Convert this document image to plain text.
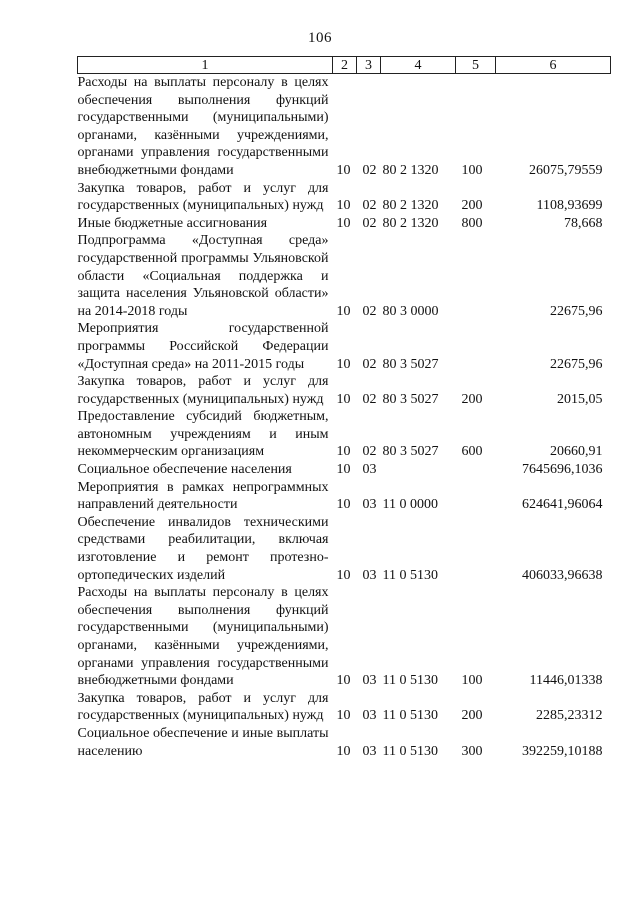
106
1	2	3	4	5	6
Расходы на выплаты персоналу в целях обеспечения выполнения функций государственными (муниципальными) органами, казёнными учреждениями, органами управления государственными внебюджетными фондами	10	02	80 2 1320	100	26075,79559
Закупка товаров, работ и услуг для государственных (муниципальных) нужд	10	02	80 2 1320	200	1108,93699
Иные бюджетные ассигнования	10	02	80 2 1320	800	78,668
Подпрограмма «Доступная среда» государственной программы Ульяновской области «Социальная поддержка и защита населения Ульяновской области» на 2014-2018 годы	10	02	80 3 0000		22675,96
Мероприятия государственной программы Российской Федерации «Доступная среда» на 2011-2015 годы	10	02	80 3 5027		22675,96
Закупка товаров, работ и услуг для государственных (муниципальных) нужд	10	02	80 3 5027	200	2015,05
Предоставление субсидий бюджетным, автономным учреждениям и иным некоммерческим организациям	10	02	80 3 5027	600	20660,91
Социальное обеспечение населения	10	03			7645696,1036
Мероприятия в рамках непрограммных направлений деятельности	10	03	11 0 0000		624641,96064
Обеспечение инвалидов техническими средствами реабилитации, включая изготовление и ремонт протезно-ортопедических изделий	10	03	11 0 5130		406033,96638
Расходы на выплаты персоналу в целях обеспечения выполнения функций государственными (муниципальными) органами, казёнными учреждениями, органами управления государственными внебюджетными фондами	10	03	11 0 5130	100	11446,01338
Закупка товаров, работ и услуг для государственных (муниципальных) нужд	10	03	11 0 5130	200	2285,23312
Социальное обеспечение и иные выплаты населению	10	03	11 0 5130	300	392259,10188
